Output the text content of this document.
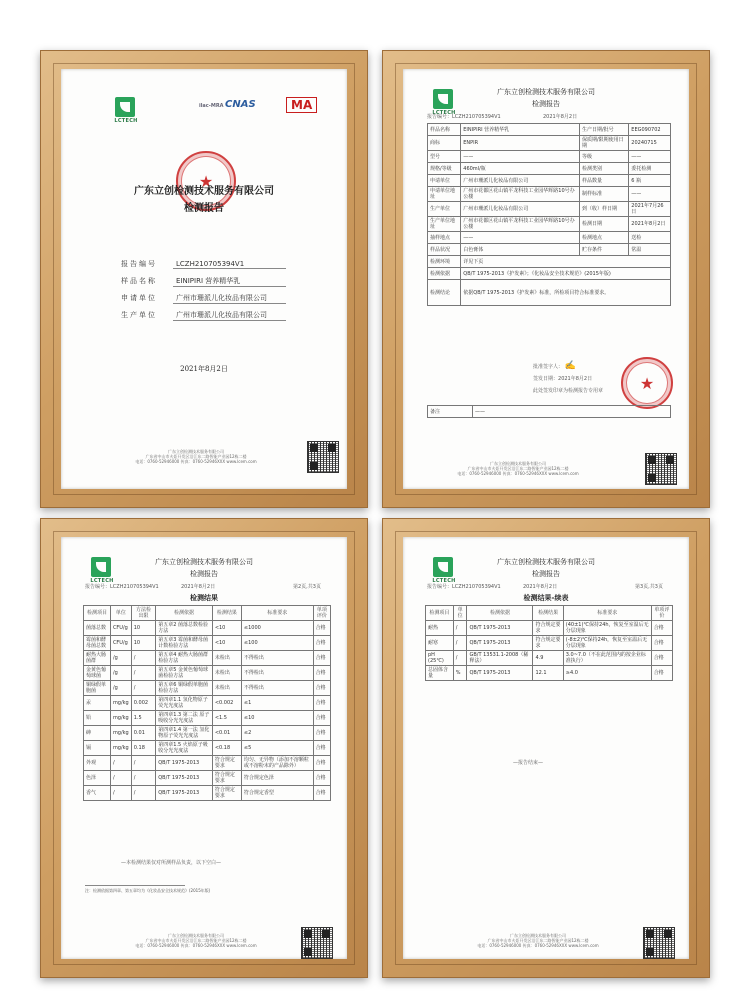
LCTECH
ilac-MRA CNAS	MA
★
广东立创检测技术服务有限公司
检测报告
报告编号	LCZH210705394V1
样品名称	EINIPIRI 营养精华乳
申请单位	广州市珊派儿化妆品有限公司
生产单位	广州市珊派儿化妆品有限公司
2021年8月2日
广东立创检测技术服务有限公司
广东省中山市火炬开发区沿江东二路智能产业园12栋二楼
电话：0760-52946000 传真：0760-52946XXX www.lcem.com
LCTECH
广东立创检测技术服务有限公司
检测报告
报告编号：LCZH210705394V1	2021年8月2日
样品名称	EINIPIRI 营养精华乳	生产日期/批号	EEG090702
商标	ENPIR	保质期/限期使用日期	20240715
型号	——	等级	——
规格/等级	460ml/瓶	检测类别	委托检测
申请单位	广州市珊派儿化妆品有限公司	样品数量	6 瓶
申请单位地址	广州市花都区花山镇平龙科技工业园华辉路10号办公楼	制样标准	——
生产单位	广州市珊派儿化妆品有限公司	到（收）样日期	2021年7月26日
生产单位地址	广州市花都区花山镇平龙科技工业园华辉路10号办公楼	检测日期	2021年8月2日
抽样地点	——	检测地点	送检
样品状况	白色膏体	贮存条件	常温
检测环境	详见下页		
检测依据	QB/T 1975-2013《护发素》；《化妆品安全技术规范》(2015年版)		
检测结论	依据QB/T 1975-2013《护发素》标准，所检项目符合标准要求。		
批准签字人： ✍
签发日期：2021年8月2日
此处签发印章为检测报告专用章	★
备注	——
广东立创检测技术服务有限公司
广东省中山市火炬开发区沿江东二路智能产业园12栋二楼
电话：0760-52946000 传真：0760-52946XXX www.lcem.com
LCTECH
广东立创检测技术服务有限公司
检测报告
报告编号：LCZH210705394V1	2021年8月2日	第2页,共3页
检测结果
检测项目	单位	方法检出限	检测依据	检测结果	标准要求	单项评价
菌落总数	CFU/g	10	第五章2 菌落总数检验方法	<10	≤1000	合格
霉菌和酵母菌总数	CFU/g	10	第五章3 霉菌和酵母菌计数检验方法	<10	≤100	合格
耐热大肠菌群	/g	/	第五章4 耐热大肠菌群检验方法	未检出	不得检出	合格
金黄色葡萄球菌	/g	/	第五章5 金黄色葡萄球菌检验方法	未检出	不得检出	合格
铜绿假单胞菌	/g	/	第五章6 铜绿假单胞菌检验方法	未检出	不得检出	合格
汞	mg/kg	0.002	第四章1.1 氢化物原子荧光光度法	<0.002	≤1	合格
铅	mg/kg	1.5	第四章1.3 第二法 原子吸收分光光度法	<1.5	≤10	合格
砷	mg/kg	0.01	第四章1.4 第一法 氢化物原子荧光光度法	<0.01	≤2	合格
镉	mg/kg	0.18	第四章1.5 火焰原子吸收分光光度法	<0.18	≤5	合格
外观	/	/	QB/T 1975-2013	符合规定要求	均匀、无异物（添加不溶颗粒或不溶粉末的产品除外）	合格
色泽	/	/	QB/T 1975-2013	符合规定要求	符合规定色泽	合格
香气	/	/	QB/T 1975-2013	符合规定要求	符合规定香型	合格
—本检测结果仅对所测样品负责，以下空白—
注：检测依据第四章、第五章均为《化妆品安全技术规范》(2015年版)
广东立创检测技术服务有限公司
广东省中山市火炬开发区沿江东二路智能产业园12栋二楼
电话：0760-52946000 传真：0760-52946XXX www.lcem.com
LCTECH
广东立创检测技术服务有限公司
检测报告
报告编号：LCZH210705394V1	2021年8月2日	第3页,共3页
检测结果-续表
检测项目	单位	检测依据	检测结果	标准要求	单项评价
耐热	/	QB/T 1975-2013	符合规定要求	(40±1)℃保持24h，恢复至室温后无分层现象	合格
耐寒	/	QB/T 1975-2013	符合规定要求	(-8±2)℃保持24h，恢复至室温后无分层现象	合格
pH (25℃)	/	GB/T 13531.1-2008（稀释法）	4.9	3.0~7.0（不在此范围内的按企业标准执行）	合格
总固体含量	%	QB/T 1975-2013	12.1	≥4.0	合格
—报告结束—
广东立创检测技术服务有限公司
广东省中山市火炬开发区沿江东二路智能产业园12栋二楼
电话：0760-52946000 传真：0760-52946XXX www.lcem.com
